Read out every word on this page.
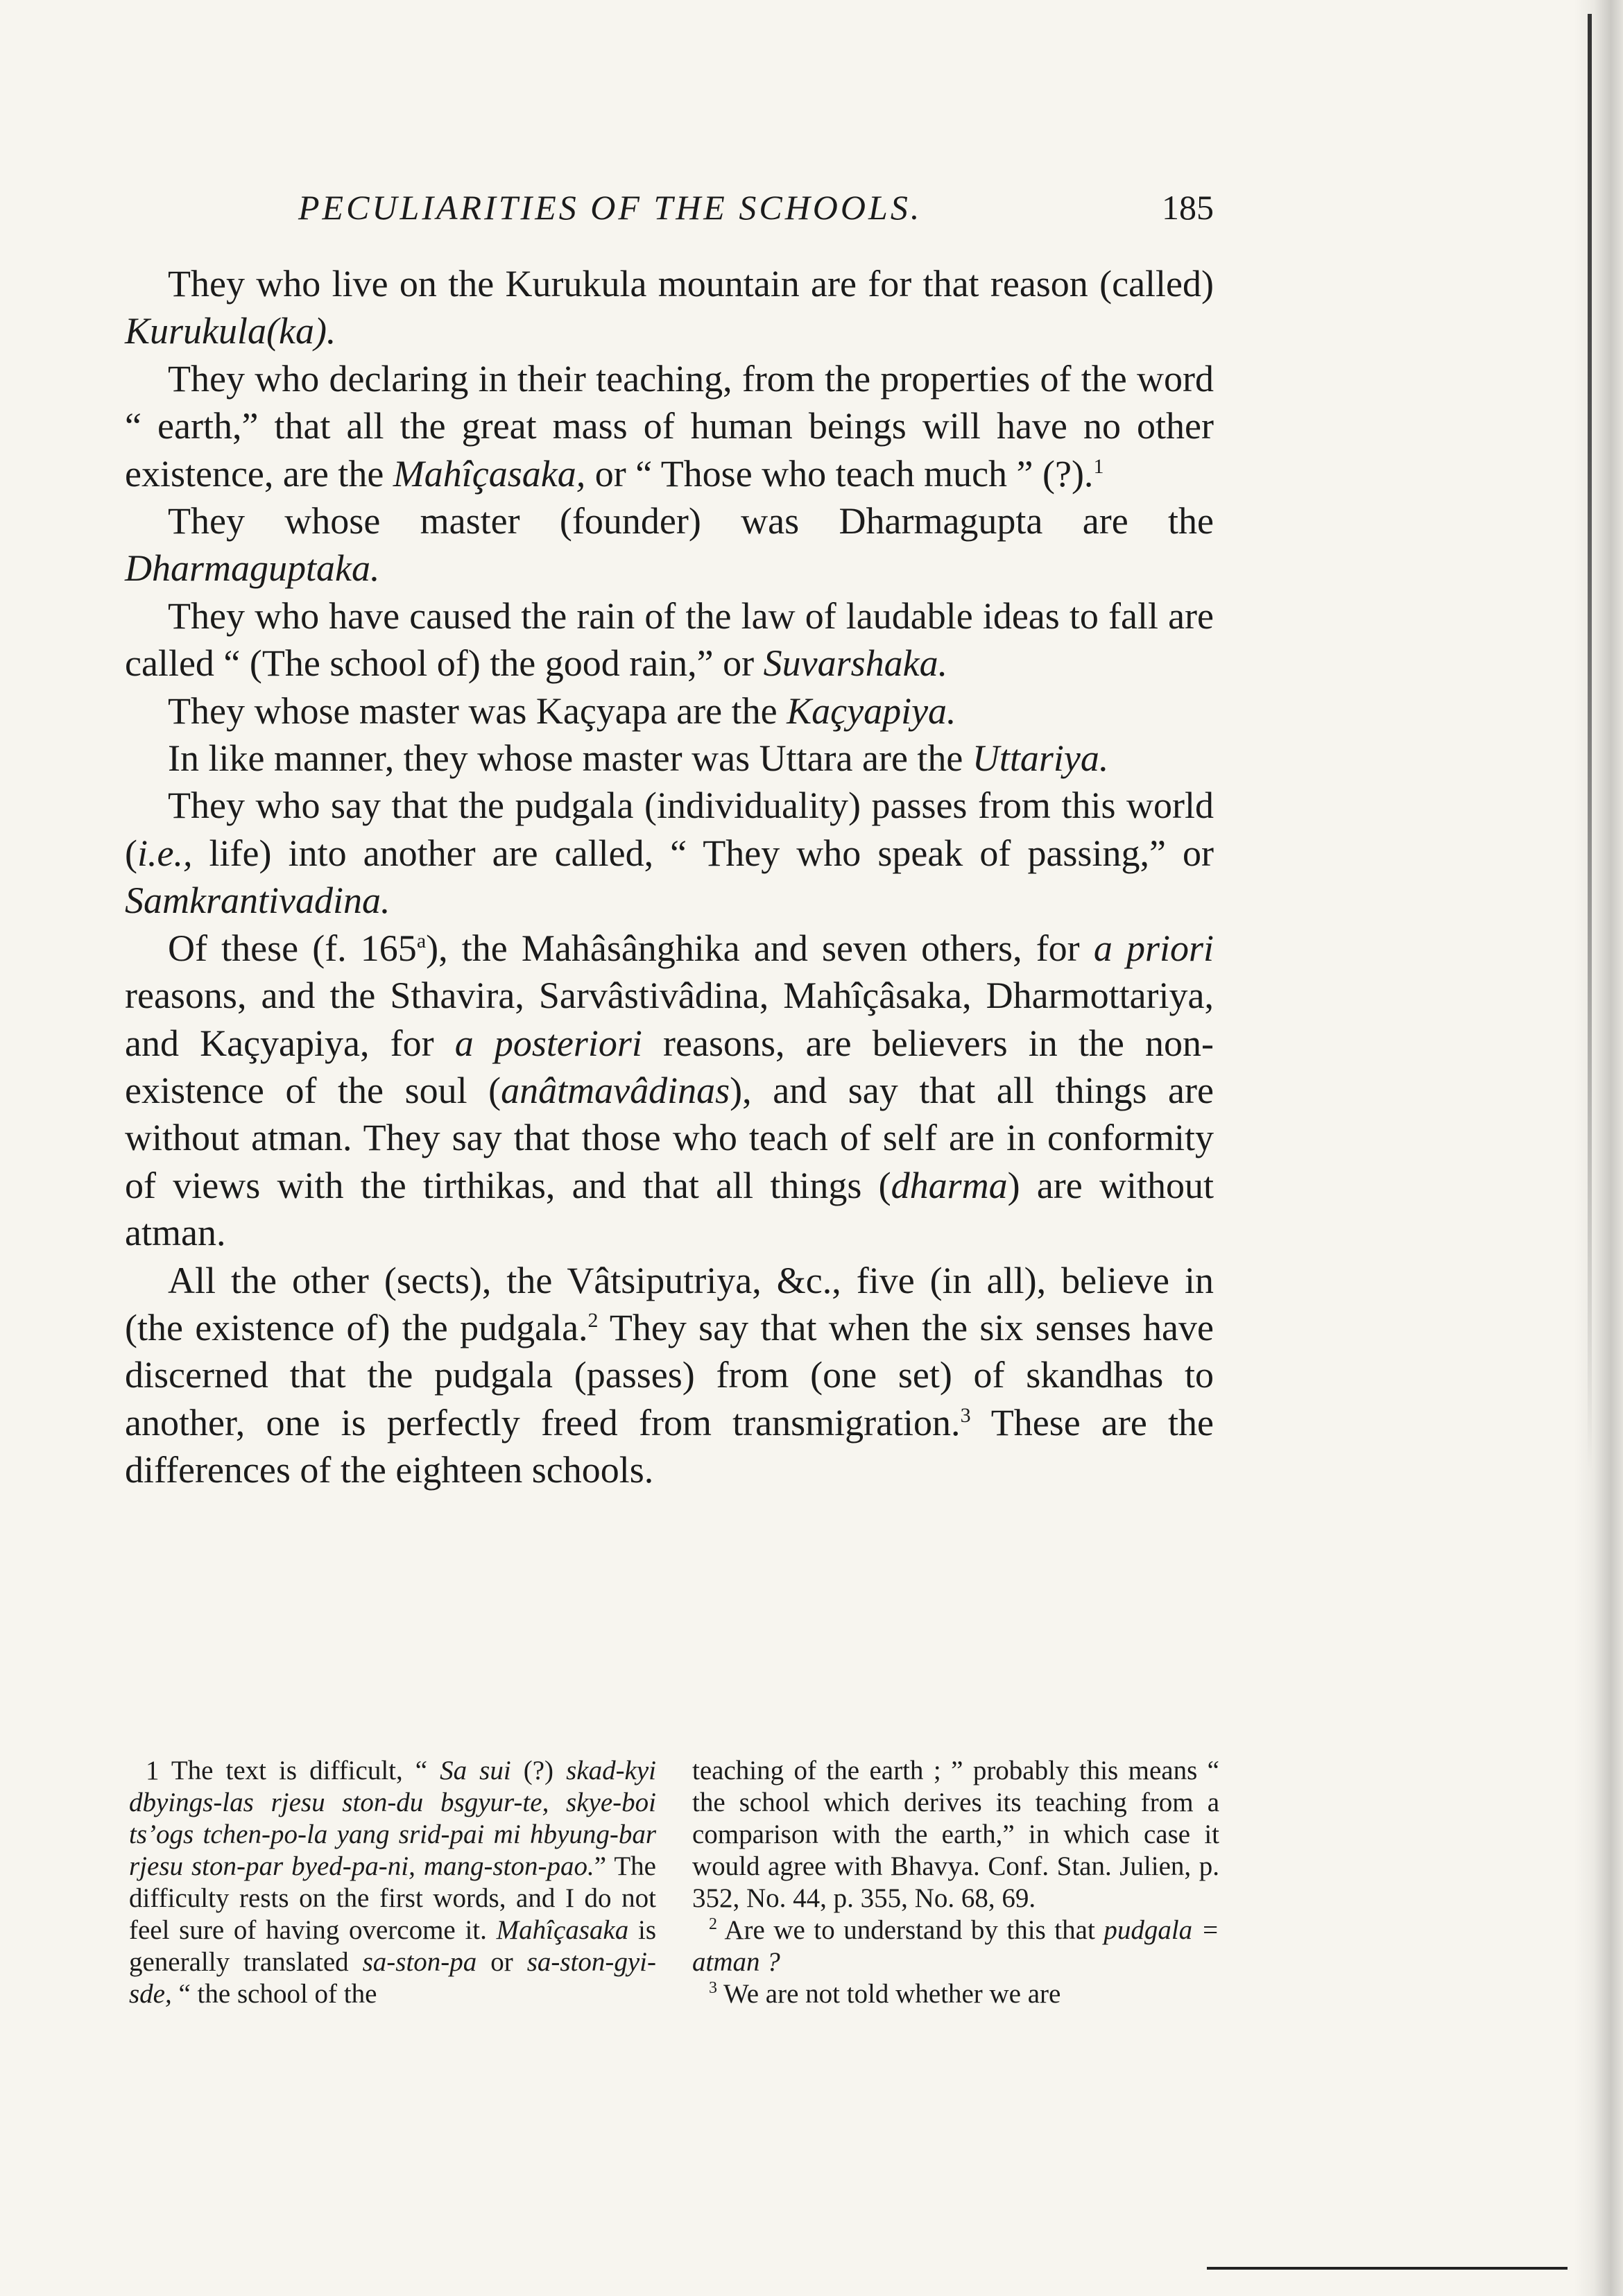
PECULIARITIES OF THE SCHOOLS.	185

They who live on the Kurukula mountain are for that reason (called) Kurukula(ka).

They who declaring in their teaching, from the properties of the word “ earth,” that all the great mass of human beings will have no other existence, are the Mahîçasaka, or “ Those who teach much ” (?).$^1$

They whose master (founder) was Dharmagupta are the Dharmaguptaka.

They who have caused the rain of the law of laudable ideas to fall are called “ (The school of) the good rain,” or Suvarshaka.

They whose master was Kaçyapa are the Kaçyapiya.

In like manner, they whose master was Uttara are the Uttariya.

They who say that the pudgala (individuality) passes from this world (i.e., life) into another are called, “ They who speak of passing,” or Samkrantivadina.

Of these (f. 165$^a$), the Mahâsânghika and seven others, for a priori reasons, and the Sthavira, Sarvâstivâdina, Mahîçâsaka, Dharmottariya, and Kaçyapiya, for a posteriori reasons, are believers in the non-existence of the soul (anâtmavâdinas), and say that all things are without atman. They say that those who teach of self are in conformity of views with the tirthikas, and that all things (dharma) are without atman.

All the other (sects), the Vâtsiputriya, &c., five (in all), believe in (the existence of) the pudgala.$^2$ They say that when the six senses have discerned that the pudgala (passes) from (one set) of skandhas to another, one is perfectly freed from transmigration.$^3$ These are the differences of the eighteen schools.

1 The text is difficult, “ Sa sui (?) skad-kyi dbyings-las rjesu ston-du bsgyur-te, skye-boi ts’ogs tchen-po-la yang srid-pai mi hbyung-bar rjesu ston-par byed-pa-ni, mang-ston-pao.” The difficulty rests on the first words, and I do not feel sure of having overcome it. Mahîçasaka is generally translated sa-ston-pa or sa-ston-gyi-sde, “ the school of the

teaching of the earth ; ” probably this means “ the school which derives its teaching from a comparison with the earth,” in which case it would agree with Bhavya. Conf. Stan. Julien, p. 352, No. 44, p. 355, No. 68, 69.

$^2$ Are we to understand by this that pudgala = atman ?

$^3$ We are not told whether we are
